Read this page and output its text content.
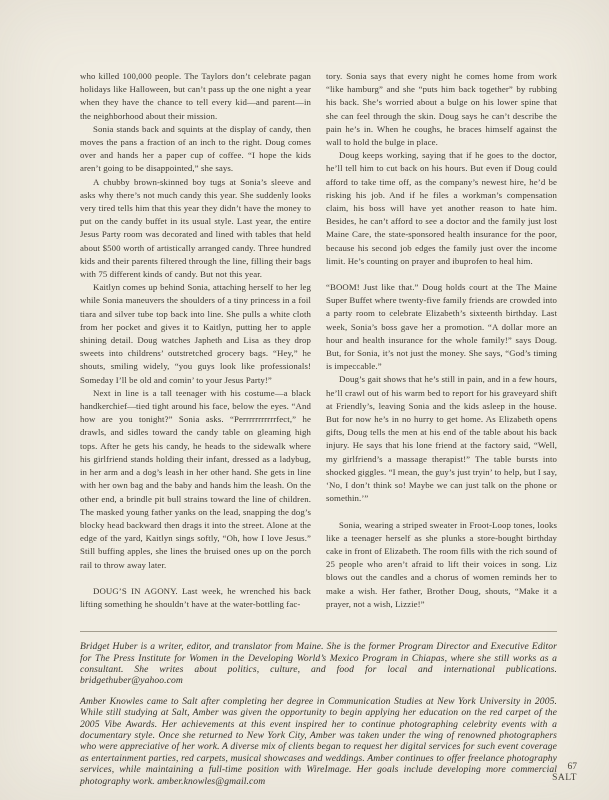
who killed 100,000 people. The Taylors don’t celebrate pagan holidays like Halloween, but can’t pass up the one night a year when they have the chance to tell every kid—and parent—in the neighborhood about their mission.

Sonia stands back and squints at the display of candy, then moves the pans a fraction of an inch to the right. Doug comes over and hands her a paper cup of coffee. “I hope the kids aren’t going to be disappointed,” she says.

A chubby brown-skinned boy tugs at Sonia’s sleeve and asks why there’s not much candy this year. She suddenly looks very tired tells him that this year they didn’t have the money to put on the candy buffet in its usual style. Last year, the entire Jesus Party room was decorated and lined with tables that held about $500 worth of artistically arranged candy. Three hundred kids and their parents filtered through the line, filling their bags with 75 different kinds of candy. But not this year.

Kaitlyn comes up behind Sonia, attaching herself to her leg while Sonia maneuvers the shoulders of a tiny princess in a foil tiara and silver tube top back into line. She pulls a white cloth from her pocket and gives it to Kaitlyn, putting her to apple shining detail. Doug watches Japheth and Lisa as they drop sweets into childrens’ outstretched grocery bags. “Hey,” he shouts, smiling widely, “you guys look like professionals! Someday I’ll be old and comin’ to your Jesus Party!”

Next in line is a tall teenager with his costume—a black handkerchief—tied tight around his face, below the eyes. “And how are you tonight?” Sonia asks. “Perrrrrrrrrrrfect,” he drawls, and sidles toward the candy table on gleaming high tops. After he gets his candy, he heads to the sidewalk where his girlfriend stands holding their infant, dressed as a ladybug, in her arm and a dog’s leash in her other hand. She gets in line with her own bag and the baby and hands him the leash. On the other end, a brindle pit bull strains toward the line of children. The masked young father yanks on the lead, snapping the dog’s blocky head backward then drags it into the street. Alone at the edge of the yard, Kaitlyn sings softly, “Oh, how I love Jesus.” Still buffing apples, she lines the bruised ones up on the porch rail to throw away later.

DOUG’S IN AGONY. Last week, he wrenched his back lifting something he shouldn’t have at the water-bottling fac-

tory. Sonia says that every night he comes home from work “like hamburg” and she “puts him back together” by rubbing his back. She’s worried about a bulge on his lower spine that she can feel through the skin. Doug says he can’t describe the pain he’s in. When he coughs, he braces himself against the wall to hold the bulge in place.

Doug keeps working, saying that if he goes to the doctor, he’ll tell him to cut back on his hours. But even if Doug could afford to take time off, as the company’s newest hire, he’d be risking his job. And if he files a workman’s compensation claim, his boss will have yet another reason to hate him. Besides, he can’t afford to see a doctor and the family just lost Maine Care, the state-sponsored health insurance for the poor, because his second job edges the family just over the income limit. He’s counting on prayer and ibuprofen to heal him.

“BOOM! Just like that.” Doug holds court at the The Maine Super Buffet where twenty-five family friends are crowded into a party room to celebrate Elizabeth’s sixteenth birthday. Last week, Sonia’s boss gave her a promotion. “A dollar more an hour and health insurance for the whole family!” says Doug. But, for Sonia, it’s not just the money. She says, “God’s timing is impeccable.”

Doug’s gait shows that he’s still in pain, and in a few hours, he’ll crawl out of his warm bed to report for his graveyard shift at Friendly’s, leaving Sonia and the kids asleep in the house. But for now he’s in no hurry to get home. As Elizabeth opens gifts, Doug tells the men at his end of the table about his back injury. He says that his lone friend at the factory said, “Well, my girlfriend’s a massage therapist!” The table bursts into shocked giggles. “I mean, the guy’s just tryin’ to help, but I say, ‘No, I don’t think so! Maybe we can just talk on the phone or somethin.’”

Sonia, wearing a striped sweater in Froot-Loop tones, looks like a teenager herself as she plunks a store-bought birthday cake in front of Elizabeth. The room fills with the rich sound of 25 people who aren’t afraid to lift their voices in song. Liz blows out the candles and a chorus of women reminds her to make a wish. Her father, Brother Doug, shouts, “Make it a prayer, not a wish, Lizzie!”

Bridget Huber is a writer, editor, and translator from Maine. She is the former Program Director and Executive Editor for The Press Institute for Women in the Developing World’s Mexico Program in Chiapas, where she still works as a consultant. She writes about politics, culture, and food for local and international publications. bridgethuber@yahoo.com

Amber Knowles came to Salt after completing her degree in Communication Studies at New York University in 2005. While still studying at Salt, Amber was given the opportunity to begin applying her education on the red carpet of the 2005 Vibe Awards. Her achievements at this event inspired her to continue photographing celebrity events with a documentary style. Once she returned to New York City, Amber was taken under the wing of renowned photographers who were appreciative of her work. A diverse mix of clients began to request her digital services for such event coverage as entertainment parties, red carpets, musical showcases and weddings. Amber continues to offer freelance photography services, while maintaining a full-time position with WireImage. Her goals include developing more commercial photography work. amber.knowles@gmail.com

67
SALT
